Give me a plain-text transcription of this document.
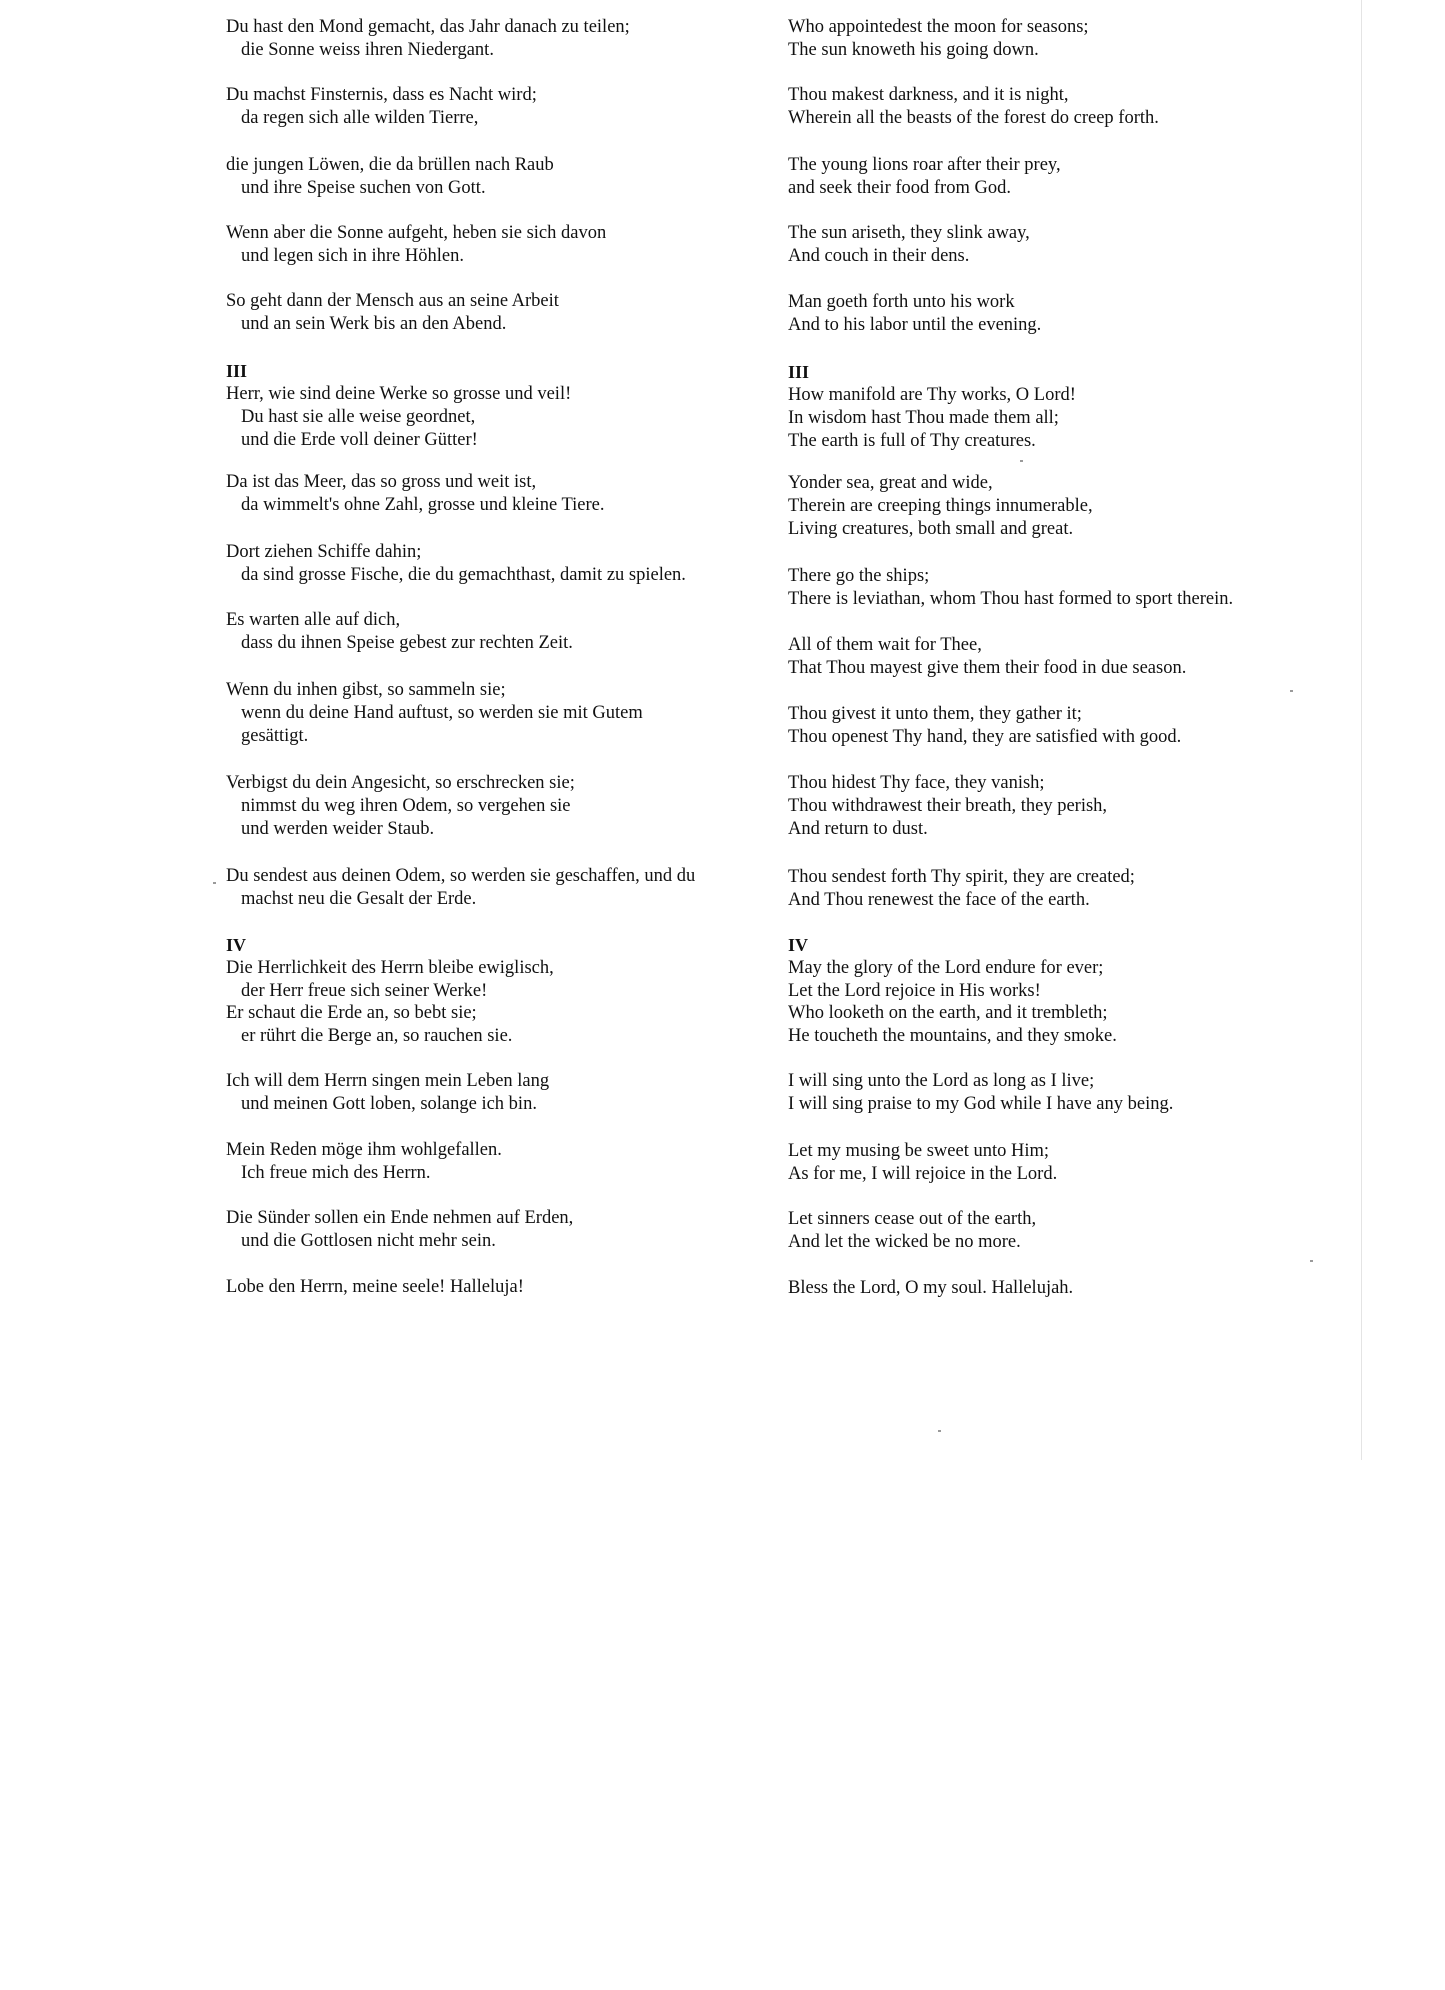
Du hast den Mond gemacht, das Jahr danach zu teilen;
die Sonne weiss ihren Niedergant.
Du machst Finsternis, dass es Nacht wird;
da regen sich alle wilden Tierre,
die jungen Löwen, die da brüllen nach Raub
und ihre Speise suchen von Gott.
Wenn aber die Sonne aufgeht, heben sie sich davon
und legen sich in ihre Höhlen.
So geht dann der Mensch aus an seine Arbeit
und an sein Werk bis an den Abend.
III
Herr, wie sind deine Werke so grosse und veil!
Du hast sie alle weise geordnet,
und die Erde voll deiner Gütter!
Da ist das Meer, das so gross und weit ist,
da wimmelt's ohne Zahl, grosse und kleine Tiere.
Dort ziehen Schiffe dahin;
da sind grosse Fische, die du gemachthast, damit zu spielen.
Es warten alle auf dich,
dass du ihnen Speise gebest zur rechten Zeit.
Wenn du inhen gibst, so sammeln sie;
wenn du deine Hand auftust, so werden sie mit Gutem
gesättigt.
Verbigst du dein Angesicht, so erschrecken sie;
nimmst du weg ihren Odem, so vergehen sie
und werden weider Staub.
Du sendest aus deinen Odem, so werden sie geschaffen, und du
machst neu die Gesalt der Erde.
IV
Die Herrlichkeit des Herrn bleibe ewiglisch,
der Herr freue sich seiner Werke!
Er schaut die Erde an, so bebt sie;
er rührt die Berge an, so rauchen sie.
Ich will dem Herrn singen mein Leben lang
und meinen Gott loben, solange ich bin.
Mein Reden möge ihm wohlgefallen.
Ich freue mich des Herrn.
Die Sünder sollen ein Ende nehmen auf Erden,
und die Gottlosen nicht mehr sein.
Lobe den Herrn, meine seele! Halleluja!
Who appointedest the moon for seasons;
The sun knoweth his going down.
Thou makest darkness, and it is night,
Wherein all the beasts of the forest do creep forth.
The young lions roar after their prey,
and seek their food from God.
The sun ariseth, they slink away,
And couch in their dens.
Man goeth forth unto his work
And to his labor until the evening.
III
How manifold are Thy works, O Lord!
In wisdom hast Thou made them all;
The earth is full of Thy creatures.
Yonder sea, great and wide,
Therein are creeping things innumerable,
Living creatures, both small and great.
There go the ships;
There is leviathan, whom Thou hast formed to sport therein.
All of them wait for Thee,
That Thou mayest give them their food in due season.
Thou givest it unto them, they gather it;
Thou openest Thy hand, they are satisfied with good.
Thou hidest Thy face, they vanish;
Thou withdrawest their breath, they perish,
And return to dust.
Thou sendest forth Thy spirit, they are created;
And Thou renewest the face of the earth.
IV
May the glory of the Lord endure for ever;
Let the Lord rejoice in His works!
Who looketh on the earth, and it trembleth;
He toucheth the mountains, and they smoke.
I will sing unto the Lord as long as I live;
I will sing praise to my God while I have any being.
Let my musing be sweet unto Him;
As for me, I will rejoice in the Lord.
Let sinners cease out of the earth,
And let the wicked be no more.
Bless the Lord, O my soul. Hallelujah.
